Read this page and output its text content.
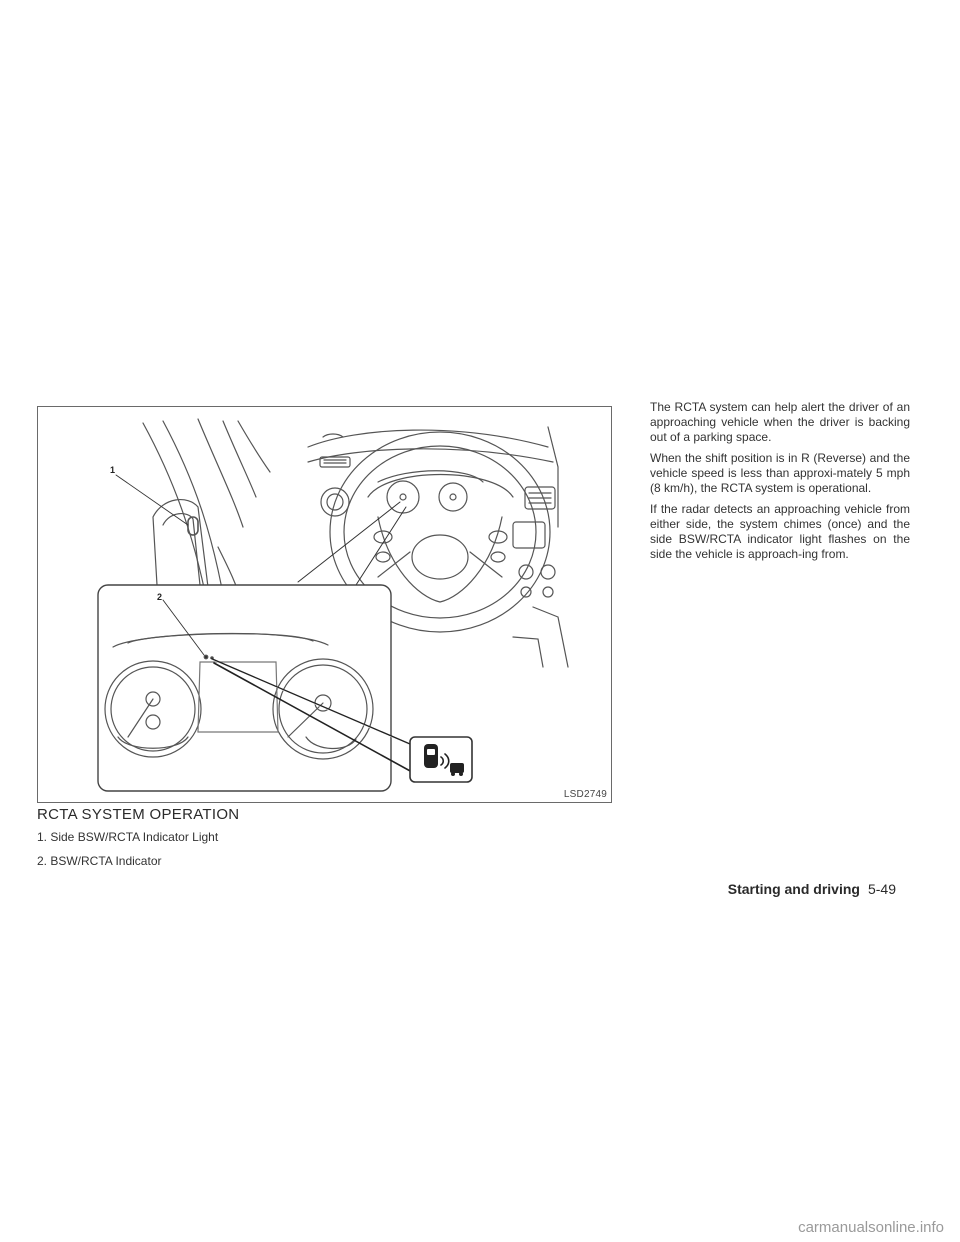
1
2
LSD2749
RCTA SYSTEM OPERATION
1. Side BSW/RCTA Indicator Light
2. BSW/RCTA Indicator

The RCTA system can help alert the driver of an approaching vehicle when the driver is backing out of a parking space.

When the shift position is in R (Reverse) and the vehicle speed is less than approxi-mately 5 mph (8 km/h), the RCTA system is operational.

If the radar detects an approaching vehicle from either side, the system chimes (once) and the side BSW/RCTA indicator light flashes on the side the vehicle is approach-ing from.

Starting and driving 5-49
carmanualsonline.info
